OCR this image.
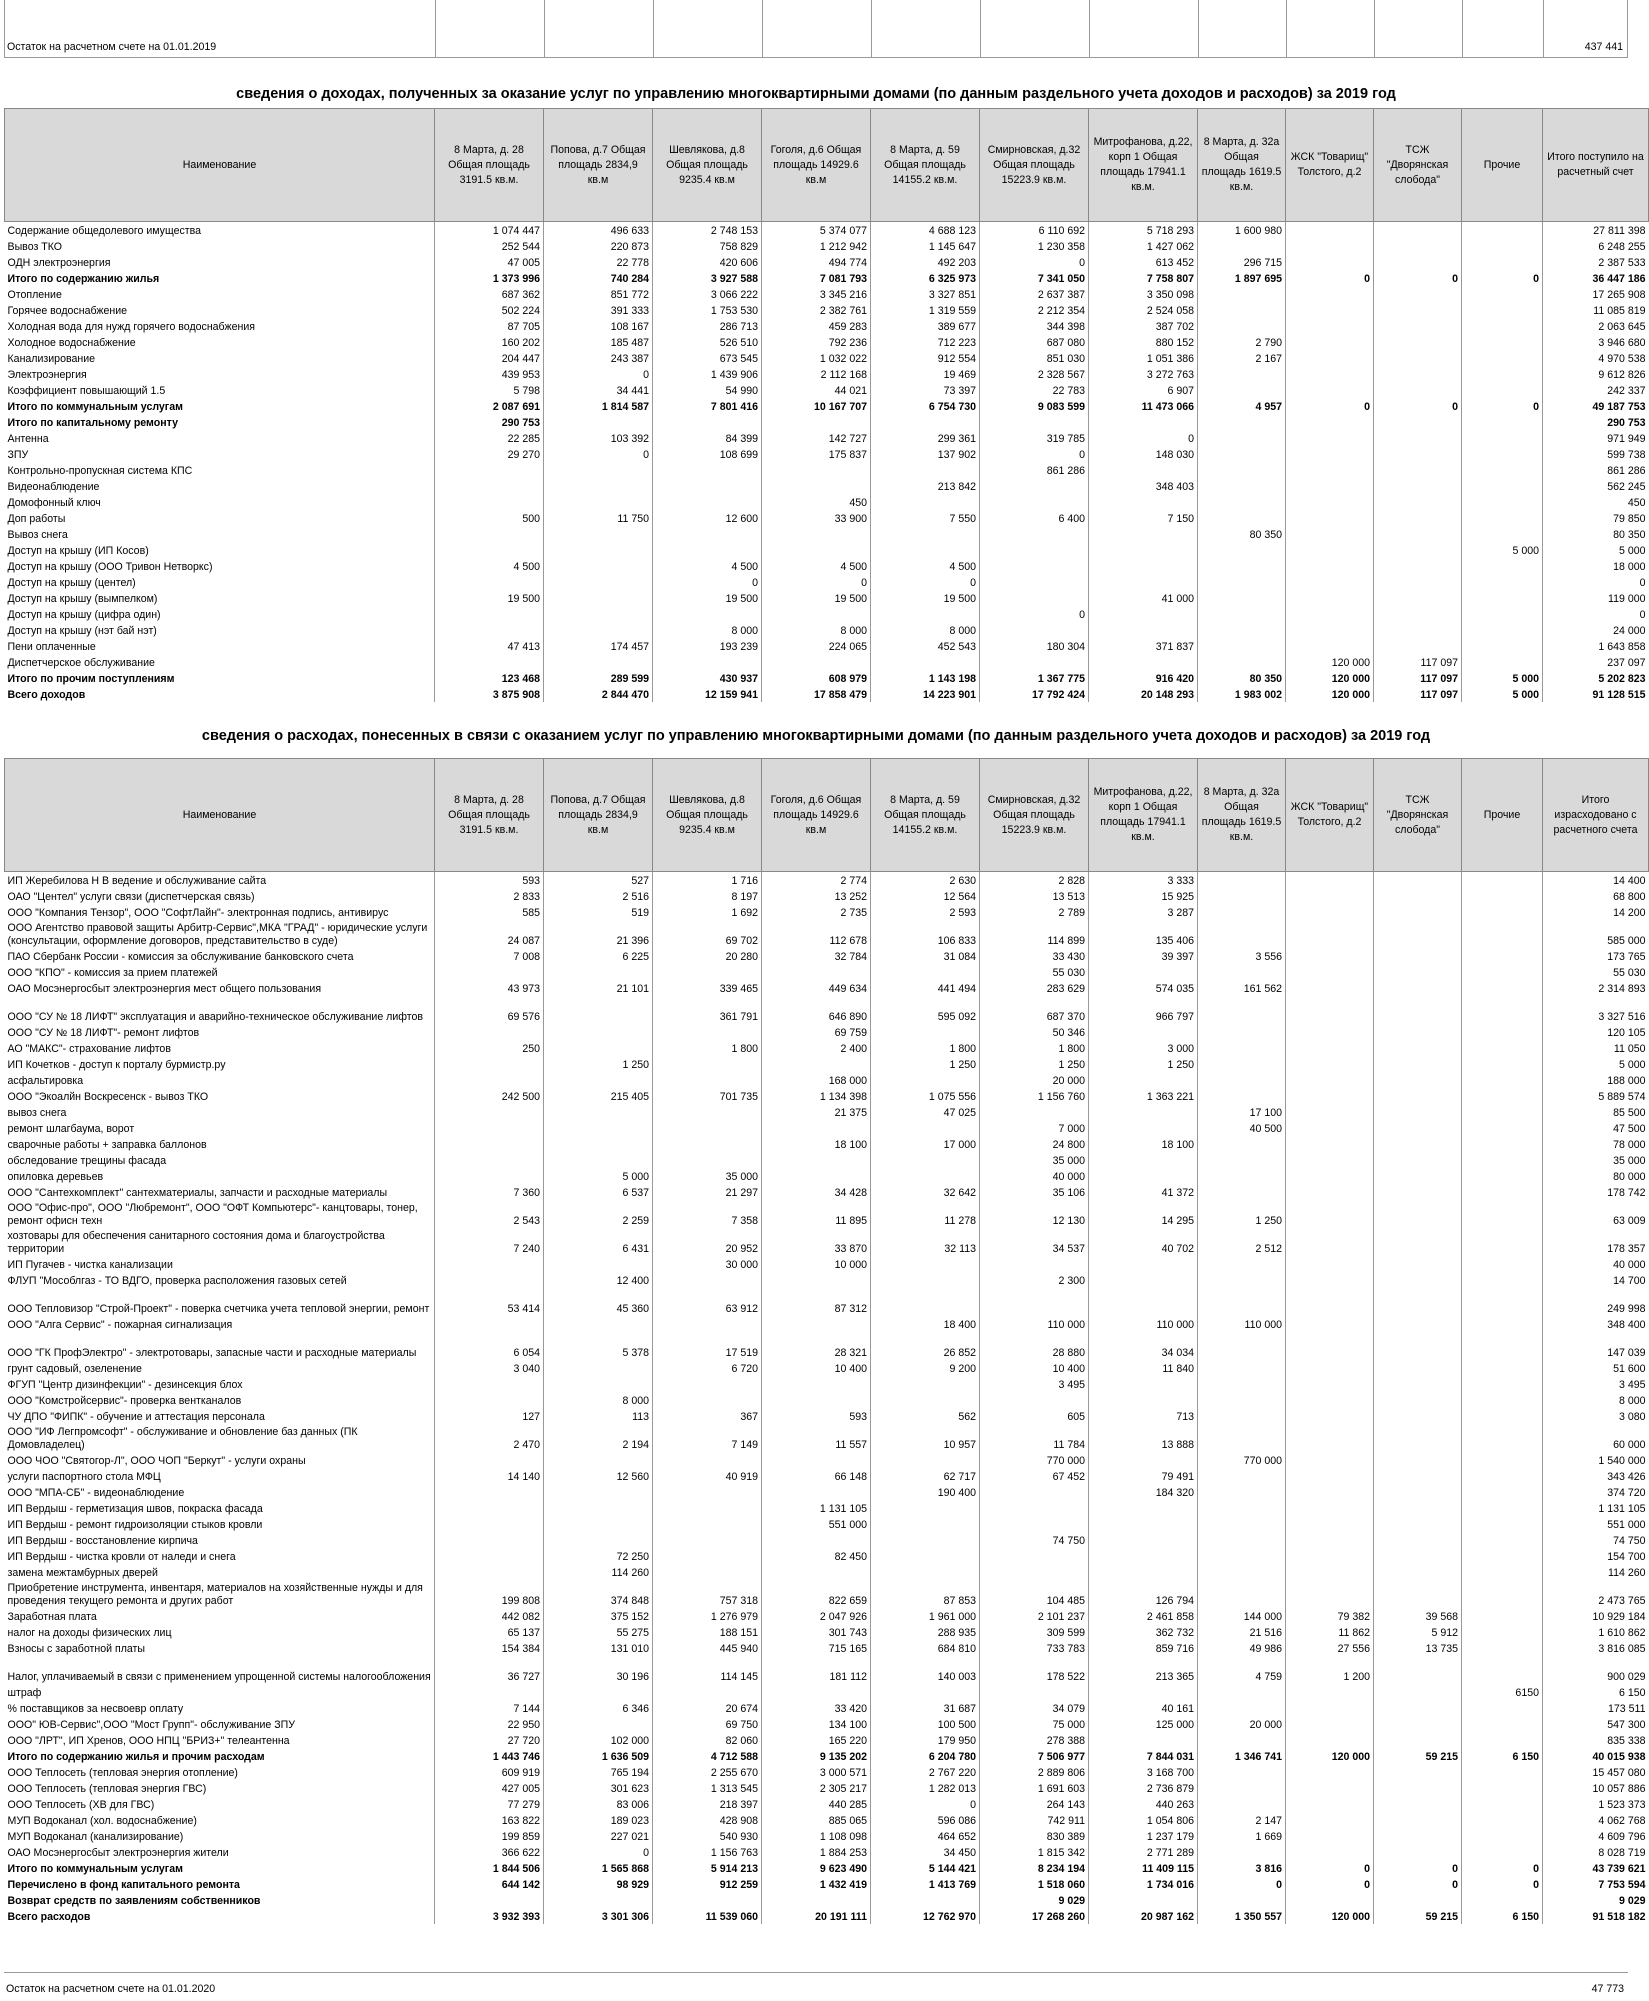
Остаток на расчетном счете на 01.01.2019	437 441
сведения о доходах, полученных за оказание услуг по управлению многоквартирными домами (по данным раздельного учета доходов и расходов) за 2019 год
Наименование	8 Марта, д. 28 Общая площадь 3191.5 кв.м.	Попова, д.7 Общая площадь 2834,9 кв.м	Шевлякова, д.8 Общая площадь 9235.4 кв.м	Гоголя, д.6 Общая площадь 14929.6 кв.м	8 Марта, д. 59 Общая площадь 14155.2 кв.м.	Смирновская, д.32 Общая площадь 15223.9 кв.м.	Митрофанова, д.22, корп 1 Общая площадь 17941.1 кв.м.	8 Марта, д. 32а Общая площадь 1619.5 кв.м.	ЖСК "Товарищ" Толстого, д.2	ТСЖ "Дворянская слобода"	Прочие	Итого поступило на расчетный счет
Содержание общедолевого имущества	1 074 447	496 633	2 748 153	5 374 077	4 688 123	6 110 692	5 718 293	1 600 980				27 811 398
Вывоз ТКО	252 544	220 873	758 829	1 212 942	1 145 647	1 230 358	1 427 062					6 248 255
ОДН электроэнергия	47 005	22 778	420 606	494 774	492 203	0	613 452	296 715				2 387 533
Итого по содержанию жилья	1 373 996	740 284	3 927 588	7 081 793	6 325 973	7 341 050	7 758 807	1 897 695	0	0	0	36 447 186
Отопление	687 362	851 772	3 066 222	3 345 216	3 327 851	2 637 387	3 350 098					17 265 908
Горячее водоснабжение	502 224	391 333	1 753 530	2 382 761	1 319 559	2 212 354	2 524 058					11 085 819
Холодная вода для нужд горячего водоснабжения	87 705	108 167	286 713	459 283	389 677	344 398	387 702					2 063 645
Холодное водоснабжение	160 202	185 487	526 510	792 236	712 223	687 080	880 152	2 790				3 946 680
Канализирование	204 447	243 387	673 545	1 032 022	912 554	851 030	1 051 386	2 167				4 970 538
Электроэнергия	439 953	0	1 439 906	2 112 168	19 469	2 328 567	3 272 763					9 612 826
Коэффициент повышающий 1.5	5 798	34 441	54 990	44 021	73 397	22 783	6 907					242 337
Итого по коммунальным услугам	2 087 691	1 814 587	7 801 416	10 167 707	6 754 730	9 083 599	11 473 066	4 957	0	0	0	49 187 753
Итого по капитальному ремонту	290 753											290 753
Антенна	22 285	103 392	84 399	142 727	299 361	319 785	0					971 949
ЗПУ	29 270	0	108 699	175 837	137 902	0	148 030					599 738
Контрольно-пропускная система КПС						861 286						861 286
Видеонаблюдение					213 842		348 403					562 245
Домофонный ключ				450								450
Доп работы	500	11 750	12 600	33 900	7 550	6 400	7 150					79 850
Вывоз снега								80 350				80 350
Доступ на крышу (ИП Косов)											5 000	5 000
Доступ на крышу (ООО Тривон Нетворкс)	4 500		4 500	4 500	4 500							18 000
Доступ на крышу (центел)			0	0	0							0
Доступ на крышу (вымпелком)	19 500		19 500	19 500	19 500		41 000					119 000
Доступ на крышу (цифра один)						0						0
Доступ на крышу (нэт бай нэт)			8 000	8 000	8 000							24 000
Пени оплаченные	47 413	174 457	193 239	224 065	452 543	180 304	371 837					1 643 858
Диспетчерское обслуживание									120 000	117 097		237 097
Итого по прочим поступлениям	123 468	289 599	430 937	608 979	1 143 198	1 367 775	916 420	80 350	120 000	117 097	5 000	5 202 823
Всего доходов	3 875 908	2 844 470	12 159 941	17 858 479	14 223 901	17 792 424	20 148 293	1 983 002	120 000	117 097	5 000	91 128 515
сведения о расходах, понесенных в связи с оказанием услуг по управлению многоквартирными домами (по данным раздельного учета доходов и расходов) за 2019 год
Наименование	8 Марта, д. 28 Общая площадь 3191.5 кв.м.	Попова, д.7 Общая площадь 2834,9 кв.м	Шевлякова, д.8 Общая площадь 9235.4 кв.м	Гоголя, д.6 Общая площадь 14929.6 кв.м	8 Марта, д. 59 Общая площадь 14155.2 кв.м.	Смирновская, д.32 Общая площадь 15223.9 кв.м.	Митрофанова, д.22, корп 1 Общая площадь 17941.1 кв.м.	8 Марта, д. 32а Общая площадь 1619.5 кв.м.	ЖСК "Товарищ" Толстого, д.2	ТСЖ "Дворянская слобода"	Прочие	Итого израсходовано с расчетного счета
ИП Жеребилова Н В ведение и обслуживание сайта	593	527	1 716	2 774	2 630	2 828	3 333					14 400
ОАО "Центел" услуги связи (диспетчерская связь)	2 833	2 516	8 197	13 252	12 564	13 513	15 925					68 800
ООО "Компания Тензор", ООО "СофтЛайн"- электронная подпись, антивирус	585	519	1 692	2 735	2 593	2 789	3 287					14 200
ООО Агентство правовой защиты Арбитр-Сервис",МКА "ГРАД" - юридические услуги (консультации, оформление договоров, представительство в суде)	24 087	21 396	69 702	112 678	106 833	114 899	135 406					585 000
ПАО Сбербанк России - комиссия за обслуживание банковского счета	7 008	6 225	20 280	32 784	31 084	33 430	39 397	3 556				173 765
ООО "КПО" - комиссия за прием платежей						55 030						55 030
ОАО Мосэнергосбыт электроэнергия мест общего пользования	43 973	21 101	339 465	449 634	441 494	283 629	574 035	161 562				2 314 893
ООО "СУ № 18 ЛИФТ" эксплуатация и аварийно-техническое обслуживание лифтов	69 576		361 791	646 890	595 092	687 370	966 797					3 327 516
ООО "СУ № 18 ЛИФТ"- ремонт лифтов				69 759		50 346						120 105
АО "МАКС"- страхование лифтов	250		1 800	2 400	1 800	1 800	3 000					11 050
ИП Кочетков - доступ к порталу бурмистр.ру		1 250			1 250	1 250	1 250					5 000
асфальтировка				168 000		20 000						188 000
ООО "Экоалйн Воскресенск - вывоз ТКО	242 500	215 405	701 735	1 134 398	1 075 556	1 156 760	1 363 221					5 889 574
вывоз снега				21 375	47 025			17 100				85 500
ремонт шлагбаума, ворот						7 000		40 500				47 500
сварочные работы + заправка баллонов				18 100	17 000	24 800	18 100					78 000
обследование трещины фасада						35 000						35 000
опиловка деревьев		5 000	35 000			40 000						80 000
ООО "Сантехкомплект" сантехматериалы, запчасти и расходные материалы	7 360	6 537	21 297	34 428	32 642	35 106	41 372					178 742
ООО "Офис-про", ООО "Любремонт", ООО "ОФТ Компьютерс"- канцтовары, тонер, ремонт офисн техн	2 543	2 259	7 358	11 895	11 278	12 130	14 295	1 250				63 009
хозтовары для обеспечения санитарного состояния дома и благоустройства территории	7 240	6 431	20 952	33 870	32 113	34 537	40 702	2 512				178 357
ИП Пугачев - чистка канализации			30 000	10 000								40 000
ФЛУП "Мособлгаз - ТО ВДГО, проверка расположения газовых сетей		12 400				2 300						14 700
ООО Тепловизор "Строй-Проект" - поверка счетчика учета тепловой энергии, ремонт	53 414	45 360	63 912	87 312								249 998
ООО "Алга Сервис" - пожарная сигнализация					18 400	110 000	110 000	110 000				348 400
ООО "ГК ПрофЭлектро" - электротовары, запасные части и расходные материалы	6 054	5 378	17 519	28 321	26 852	28 880	34 034					147 039
грунт садовый, озеленение	3 040		6 720	10 400	9 200	10 400	11 840					51 600
ФГУП "Центр дизинфекции" - дезинсекция блох						3 495						3 495
ООО "Комстройсервис"- проверка вентканалов		8 000										8 000
ЧУ ДПО "ФИПК" - обучение и аттестация персонала	127	113	367	593	562	605	713					3 080
ООО "ИФ Легпромсофт" - обслуживание и обновление баз данных (ПК Домовладелец)	2 470	2 194	7 149	11 557	10 957	11 784	13 888					60 000
ООО ЧОО "Святогор-Л", ООО ЧОП "Беркут" - услуги охраны						770 000		770 000				1 540 000
услуги паспортного стола МФЦ	14 140	12 560	40 919	66 148	62 717	67 452	79 491					343 426
ООО "МПА-СБ" - видеонаблюдение					190 400		184 320					374 720
ИП Вердыш - герметизация швов, покраска фасада				1 131 105								1 131 105
ИП Вердыш - ремонт гидроизоляции стыков кровли				551 000								551 000
ИП Вердыш - восстановление кирпича						74 750						74 750
ИП Вердыш - чистка кровли от наледи и снега		72 250		82 450								154 700
замена межтамбурных дверей		114 260										114 260
Приобретение инструмента, инвентаря, материалов на хозяйственные нужды и для проведения текущего ремонта и других работ	199 808	374 848	757 318	822 659	87 853	104 485	126 794					2 473 765
Заработная плата	442 082	375 152	1 276 979	2 047 926	1 961 000	2 101 237	2 461 858	144 000	79 382	39 568		10 929 184
налог на доходы физических лиц	65 137	55 275	188 151	301 743	288 935	309 599	362 732	21 516	11 862	5 912		1 610 862
Взносы с заработной платы	154 384	131 010	445 940	715 165	684 810	733 783	859 716	49 986	27 556	13 735		3 816 085
Налог, уплачиваемый в связи с применением упрощенной системы налогообложения	36 727	30 196	114 145	181 112	140 003	178 522	213 365	4 759	1 200			900 029
штраф											6150	6 150
% поставщиков за несвоевр оплату	7 144	6 346	20 674	33 420	31 687	34 079	40 161					173 511
ООО" ЮВ-Сервис",ООО "Мост Групп"- обслуживание ЗПУ	22 950		69 750	134 100	100 500	75 000	125 000	20 000				547 300
ООО "ЛРТ", ИП Хренов, ООО НПЦ "БРИЗ+" телеантенна	27 720	102 000	82 060	165 220	179 950	278 388						835 338
Итого по содержанию жилья и прочим расходам	1 443 746	1 636 509	4 712 588	9 135 202	6 204 780	7 506 977	7 844 031	1 346 741	120 000	59 215	6 150	40 015 938
ООО Теплосеть (тепловая энергия отопление)	609 919	765 194	2 255 670	3 000 571	2 767 220	2 889 806	3 168 700					15 457 080
ООО Теплосеть (тепловая энергия ГВС)	427 005	301 623	1 313 545	2 305 217	1 282 013	1 691 603	2 736 879					10 057 886
ООО Теплосеть (ХВ для ГВС)	77 279	83 006	218 397	440 285	0	264 143	440 263					1 523 373
МУП Водоканал (хол. водоснабжение)	163 822	189 023	428 908	885 065	596 086	742 911	1 054 806	2 147				4 062 768
МУП Водоканал (канализирование)	199 859	227 021	540 930	1 108 098	464 652	830 389	1 237 179	1 669				4 609 796
ОАО Мосэнергосбыт электроэнергия жители	366 622	0	1 156 763	1 884 253	34 450	1 815 342	2 771 289					8 028 719
Итого по коммунальным услугам	1 844 506	1 565 868	5 914 213	9 623 490	5 144 421	8 234 194	11 409 115	3 816	0	0	0	43 739 621
Перечислено в фонд капитального ремонта	644 142	98 929	912 259	1 432 419	1 413 769	1 518 060	1 734 016	0	0	0	0	7 753 594
Возврат средств по заявлениям собственников						9 029						9 029
Всего расходов	3 932 393	3 301 306	11 539 060	20 191 111	12 762 970	17 268 260	20 987 162	1 350 557	120 000	59 215	6 150	91 518 182
Остаток на расчетном счете на 01.01.2020	47 773
